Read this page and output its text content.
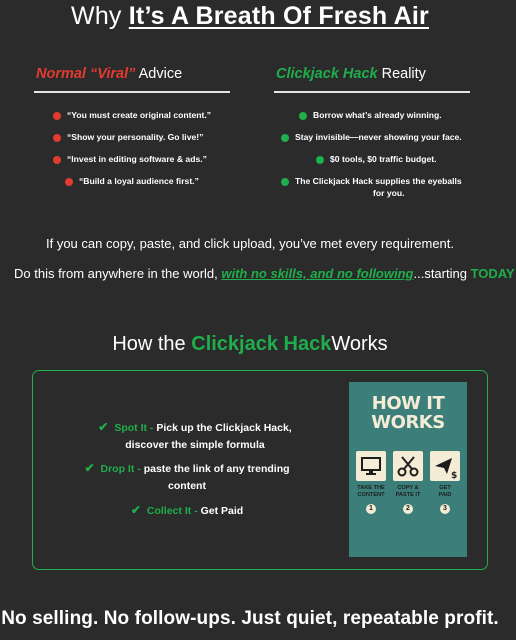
Why It’s A Breath Of Fresh Air
Normal “Viral” Advice	Clickjack Hack Reality
“You must create original content.”
“Show your personality. Go live!”
“Invest in editing software & ads.”
“Build a loyal audience first.”
Borrow what’s already winning.
Stay invisible—never showing your face.
$0 tools, $0 traffic budget.
The Clickjack Hack supplies the eyeballs
for you.
If you can copy, paste, and click upload, you’ve met every requirement.
Do this from anywhere in the world, with no skills, and no following...starting TODAY
How the Clickjack HackWorks
✔ Spot It - Pick up the Clickjack Hack,
discover the simple formula
✔ Drop It - paste the link of any trending
content
✔ Collect It - Get Paid
HOW IT
WORKS
TAKE THE
CONTENT
1
COPY &
PASTE IT
2
$
GET
PAID
3
No selling. No follow-ups. Just quiet, repeatable profit.
